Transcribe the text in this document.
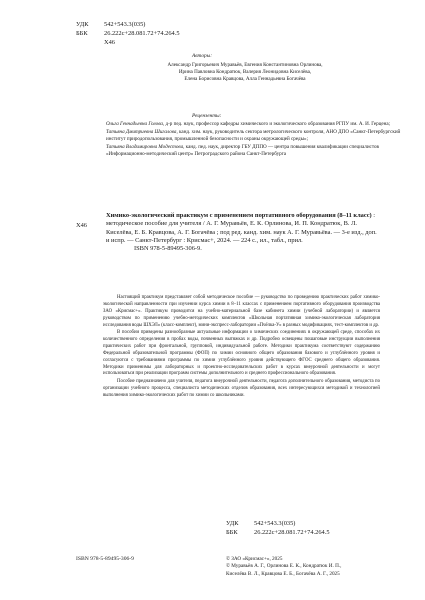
УДК	542+543.3(035)
ББК	26.222с+28.081.72+74.264.5
Х46
Авторы:
Александр Григорьевич Муравьёв, Евгения Константиновна Орлинова,
Ирина Павловна Кондратюк, Валерия Леонидовна Киселёва,
Елена Борисовна Кравцова, Алла Геннадьевна Богачёва
Рецензенты:
Ольга Геннадьевна Голова, д-р пед. наук, профессор кафедры химического и экологического образования РГПУ им. А. И. Герцена;
Татьяна Дмитриевна Шигалова, канд. хим. наук, руководитель сектора метрологического контроля, АНО ДПО «Санкт-Петербургский институт природопользования, промышленной безопасности и охраны окружающей среды»;
Татьяна Владимировна Модестова, канд. пед. наук, директор ГБУ ДППО — центра повышения квалификации специалистов «Информационно-методический центр» Петроградского района Санкт-Петербурга
Х46
Химико-экологический практикум с применением портативного оборудования (8–11 класс) : методическое пособие для учителя / А. Г. Муравьёв, Е. К. Орлинова, И. П. Кондратюк, В. Л. Киселёва, Е. Б. Кравцова, А. Г. Богачёва ; под ред. канд. хим. наук А. Г. Муравьёва. — 3-е изд., доп. и испр. — Санкт-Петербург : Крисмас+, 2024. — 224 с., ил., табл., прил.
ISBN 978-5-89495-306-9.

Настоящий практикум представляет собой методическое пособие — руководство по проведению практических работ химико-экологической направленности при изучении курса химии в 8–11 классах с применением портативного оборудования производства ЗАО «Крисмас+». Практикум проводится на учебно-материальной базе кабинета химии (учебной лаборатории) и является руководством по применению учебно-методических комплектов «Школьная портативная химико-экологическая лаборатория исследования воды ШХЭЛ» (класс-комплект), мини-экспресс-лаборатории «Пчёлка-У» в разных модификациях, тест-комплектов и др.

В пособии приведены разнообразные актуальные информации о химических соединениях в окружающей среде, способах их количественного определения в пробах воды, почвенных вытяжках и др. Подробно освещены пошаговые инструкции выполнения практических работ при фронтальной, групповой, индивидуальной работе. Методики практикума соответствуют содержанию Федеральной образовательной программы (ФОП) по химии основного общего образования базового и углублённого уровня и согласуются с требованиями программы по химии углублённого уровня действующего ФГОС среднего общего образования. Методики применимы для лабораторных и проектно-исследовательских работ в курсах внеурочной деятельности и могут использоваться при реализации программ системы дополнительного и среднего профессионального образования.

Пособие предназначено для учителя, педагога внеурочной деятельности, педагога дополнительного образования, методиста по организации учебного процесса, специалиста методических отделов образования, всех интересующихся методикой и технологией выполнения химико-экологических работ по химии со школьниками.

УДК	542+543.3(035)
ББК	26.222с+28.081.72+74.264.5
ISBN 978-5-89495-306-9	© ЗАО «Крисмас+», 2025
© Муравьёв А. Г., Орлинова Е. К., Кондратюк И. П.,
Киселёва В. Л., Кравцова Е. Б., Богачёва А. Г., 2025
